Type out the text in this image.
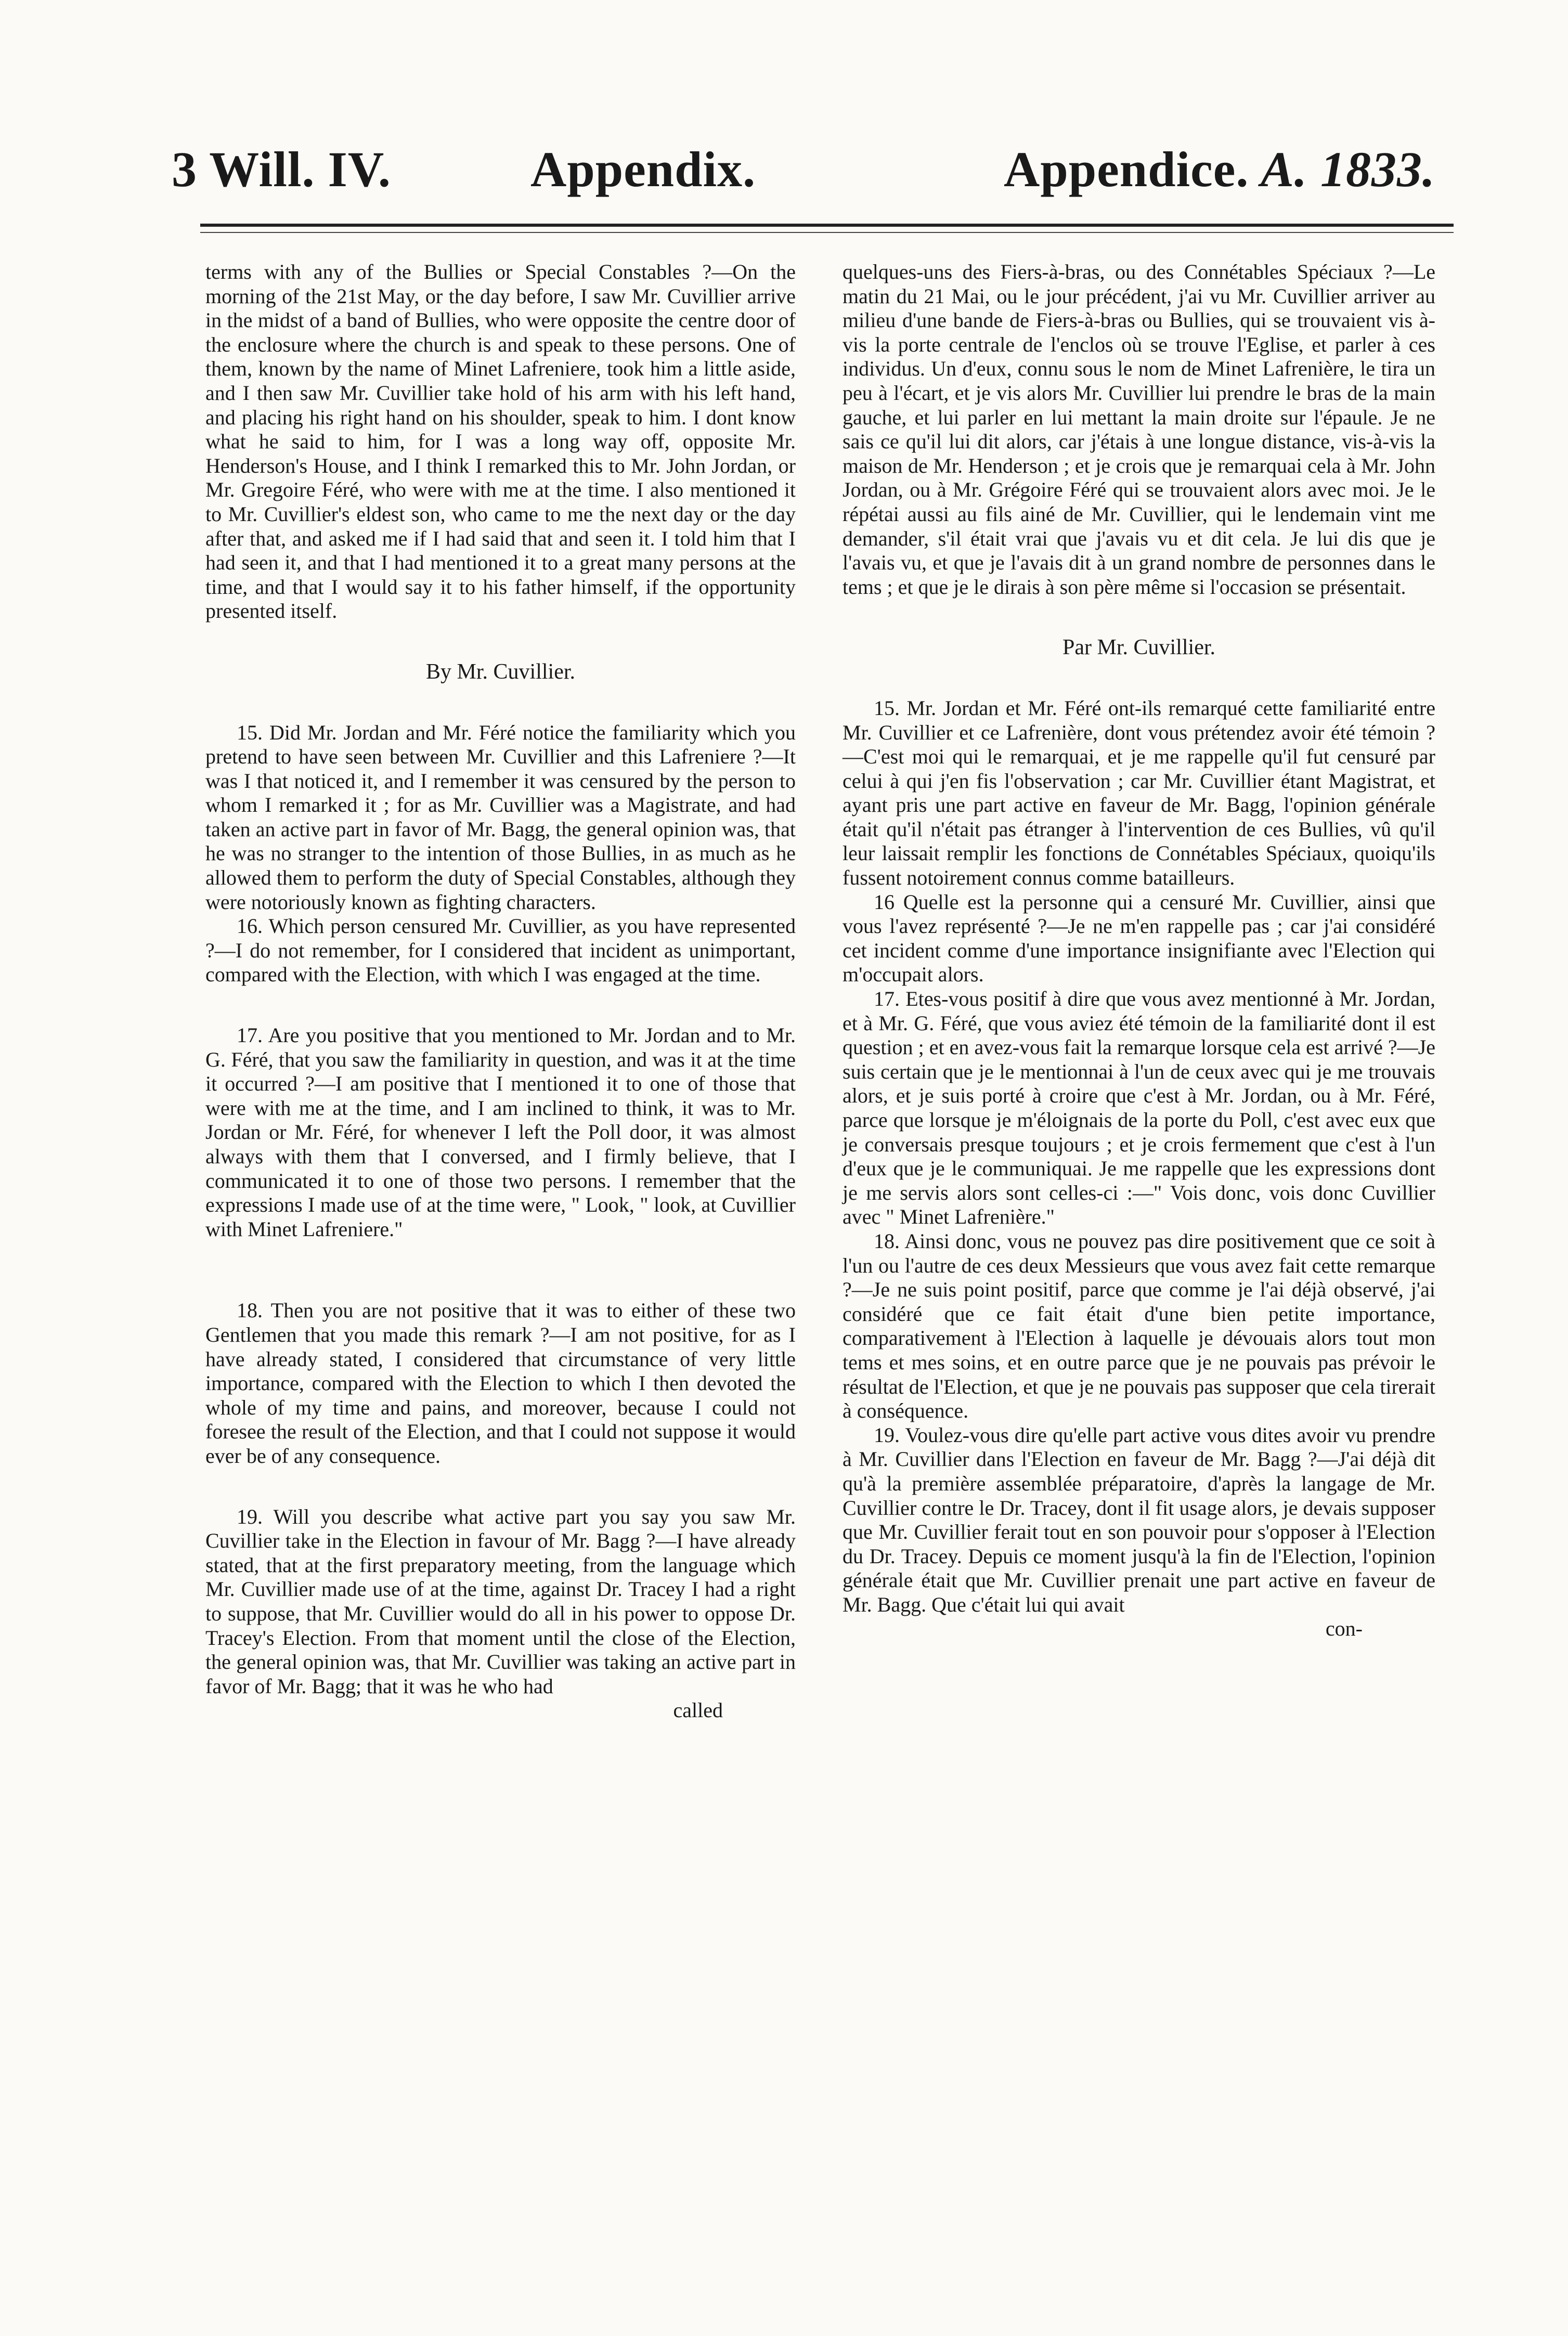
3 Will. IV.	Appendix.	Appendice. A. 1833.

terms with any of the Bullies or Special Constables ?—On the morning of the 21st May, or the day before, I saw Mr. Cuvillier arrive in the midst of a band of Bullies, who were opposite the centre door of the enclosure where the church is and speak to these persons. One of them, known by the name of Minet Lafreniere, took him a little aside, and I then saw Mr. Cuvillier take hold of his arm with his left hand, and placing his right hand on his shoulder, speak to him. I dont know what he said to him, for I was a long way off, opposite Mr. Henderson's House, and I think I remarked this to Mr. John Jordan, or Mr. Gregoire Féré, who were with me at the time. I also mentioned it to Mr. Cuvillier's eldest son, who came to me the next day or the day after that, and asked me if I had said that and seen it. I told him that I had seen it, and that I had mentioned it to a great many persons at the time, and that I would say it to his father himself, if the opportunity presented itself.

By Mr. Cuvillier.

15. Did Mr. Jordan and Mr. Féré notice the familiarity which you pretend to have seen between Mr. Cuvillier and this Lafreniere ?—It was I that noticed it, and I remember it was censured by the person to whom I remarked it ; for as Mr. Cuvillier was a Magistrate, and had taken an active part in favor of Mr. Bagg, the general opinion was, that he was no stranger to the intention of those Bullies, in as much as he allowed them to perform the duty of Special Constables, although they were notoriously known as fighting characters.

16. Which person censured Mr. Cuvillier, as you have represented ?—I do not remember, for I considered that incident as unimportant, compared with the Election, with which I was engaged at the time.

17. Are you positive that you mentioned to Mr. Jordan and to Mr. G. Féré, that you saw the familiarity in question, and was it at the time it occurred ?—I am positive that I mentioned it to one of those that were with me at the time, and I am inclined to think, it was to Mr. Jordan or Mr. Féré, for whenever I left the Poll door, it was almost always with them that I conversed, and I firmly believe, that I communicated it to one of those two persons. I remember that the expressions I made use of at the time were, " Look, " look, at Cuvillier with Minet Lafreniere."

18. Then you are not positive that it was to either of these two Gentlemen that you made this remark ?—I am not positive, for as I have already stated, I considered that circumstance of very little importance, compared with the Election to which I then devoted the whole of my time and pains, and moreover, because I could not foresee the result of the Election, and that I could not suppose it would ever be of any consequence.

19. Will you describe what active part you say you saw Mr. Cuvillier take in the Election in favour of Mr. Bagg ?—I have already stated, that at the first preparatory meeting, from the language which Mr. Cuvillier made use of at the time, against Dr. Tracey I had a right to suppose, that Mr. Cuvillier would do all in his power to oppose Dr. Tracey's Election. From that moment until the close of the Election, the general opinion was, that Mr. Cuvillier was taking an active part in favor of Mr. Bagg; that it was he who had

called

quelques-uns des Fiers-à-bras, ou des Connétables Spéciaux ?—Le matin du 21 Mai, ou le jour précédent, j'ai vu Mr. Cuvillier arriver au milieu d'une bande de Fiers-à-bras ou Bullies, qui se trouvaient vis à-vis la porte centrale de l'enclos où se trouve l'Eglise, et parler à ces individus. Un d'eux, connu sous le nom de Minet Lafrenière, le tira un peu à l'écart, et je vis alors Mr. Cuvillier lui prendre le bras de la main gauche, et lui parler en lui mettant la main droite sur l'épaule. Je ne sais ce qu'il lui dit alors, car j'étais à une longue distance, vis-à-vis la maison de Mr. Henderson ; et je crois que je remarquai cela à Mr. John Jordan, ou à Mr. Grégoire Féré qui se trouvaient alors avec moi. Je le répétai aussi au fils ainé de Mr. Cuvillier, qui le lendemain vint me demander, s'il était vrai que j'avais vu et dit cela. Je lui dis que je l'avais vu, et que je l'avais dit à un grand nombre de personnes dans le tems ; et que je le dirais à son père même si l'occasion se présentait.

Par Mr. Cuvillier.

15. Mr. Jordan et Mr. Féré ont-ils remarqué cette familiarité entre Mr. Cuvillier et ce Lafrenière, dont vous prétendez avoir été témoin ?—C'est moi qui le remarquai, et je me rappelle qu'il fut censuré par celui à qui j'en fis l'observation ; car Mr. Cuvillier étant Magistrat, et ayant pris une part active en faveur de Mr. Bagg, l'opinion générale était qu'il n'était pas étranger à l'intervention de ces Bullies, vû qu'il leur laissait remplir les fonctions de Connétables Spéciaux, quoiqu'ils fussent notoirement connus comme batailleurs.

16 Quelle est la personne qui a censuré Mr. Cuvillier, ainsi que vous l'avez représenté ?—Je ne m'en rappelle pas ; car j'ai considéré cet incident comme d'une importance insignifiante avec l'Election qui m'occupait alors.

17. Etes-vous positif à dire que vous avez mentionné à Mr. Jordan, et à Mr. G. Féré, que vous aviez été témoin de la familiarité dont il est question ; et en avez-vous fait la remarque lorsque cela est arrivé ?—Je suis certain que je le mentionnai à l'un de ceux avec qui je me trouvais alors, et je suis porté à croire que c'est à Mr. Jordan, ou à Mr. Féré, parce que lorsque je m'éloignais de la porte du Poll, c'est avec eux que je conversais presque toujours ; et je crois fermement que c'est à l'un d'eux que je le communiquai. Je me rappelle que les expressions dont je me servis alors sont celles-ci :—" Vois donc, vois donc Cuvillier avec " Minet Lafrenière."

18. Ainsi donc, vous ne pouvez pas dire positivement que ce soit à l'un ou l'autre de ces deux Messieurs que vous avez fait cette remarque ?—Je ne suis point positif, parce que comme je l'ai déjà observé, j'ai considéré que ce fait était d'une bien petite importance, comparativement à l'Election à laquelle je dévouais alors tout mon tems et mes soins, et en outre parce que je ne pouvais pas prévoir le résultat de l'Election, et que je ne pouvais pas supposer que cela tirerait à conséquence.

19. Voulez-vous dire qu'elle part active vous dites avoir vu prendre à Mr. Cuvillier dans l'Election en faveur de Mr. Bagg ?—J'ai déjà dit qu'à la première assemblée préparatoire, d'après la langage de Mr. Cuvillier contre le Dr. Tracey, dont il fit usage alors, je devais supposer que Mr. Cuvillier ferait tout en son pouvoir pour s'opposer à l'Election du Dr. Tracey. Depuis ce moment jusqu'à la fin de l'Election, l'opinion générale était que Mr. Cuvillier prenait une part active en faveur de Mr. Bagg. Que c'était lui qui avait

con-
